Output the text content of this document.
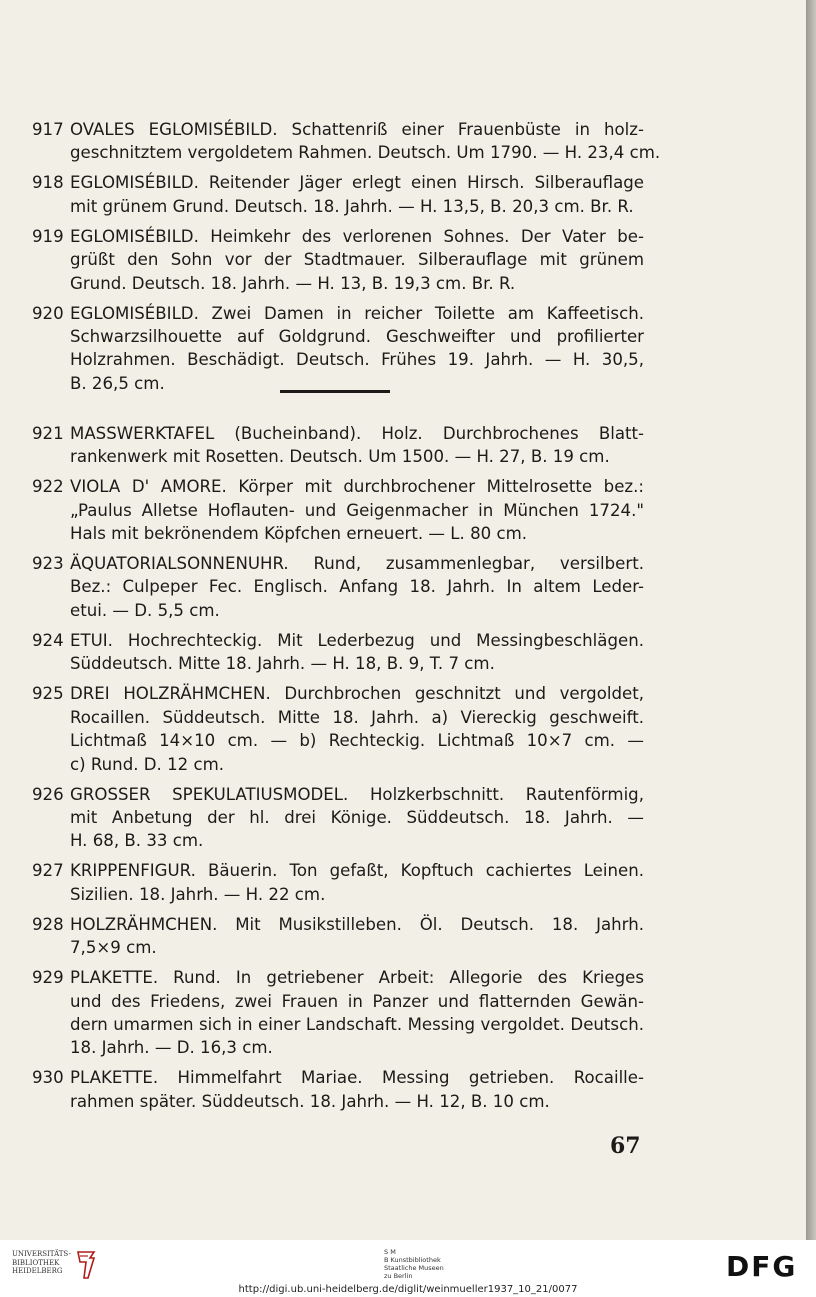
917 OVALES EGLOMISÉBILD. Schattenriß einer Frauenbüste in holz-
geschnitztem vergoldetem Rahmen. Deutsch. Um 1790. — H. 23,4 cm.
918 EGLOMISÉBILD. Reitender Jäger erlegt einen Hirsch. Silberauflage
mit grünem Grund. Deutsch. 18. Jahrh. — H. 13,5, B. 20,3 cm. Br. R.
919 EGLOMISÉBILD. Heimkehr des verlorenen Sohnes. Der Vater be-
grüßt den Sohn vor der Stadtmauer. Silberauflage mit grünem
Grund. Deutsch. 18. Jahrh. — H. 13, B. 19,3 cm. Br. R.
920 EGLOMISÉBILD. Zwei Damen in reicher Toilette am Kaffeetisch.
Schwarzsilhouette auf Goldgrund. Geschweifter und profilierter
Holzrahmen. Beschädigt. Deutsch. Frühes 19. Jahrh. — H. 30,5,
B. 26,5 cm.
921 MASSWERKTAFEL (Bucheinband). Holz. Durchbrochenes Blatt-
rankenwerk mit Rosetten. Deutsch. Um 1500. — H. 27, B. 19 cm.
922 VIOLA D' AMORE. Körper mit durchbrochener Mittelrosette bez.:
„Paulus Alletse Hoflauten- und Geigenmacher in München 1724."
Hals mit bekrönendem Köpfchen erneuert. — L. 80 cm.
923 ÄQUATORIALSONNENUHR. Rund, zusammenlegbar, versilbert.
Bez.: Culpeper Fec. Englisch. Anfang 18. Jahrh. In altem Leder-
etui. — D. 5,5 cm.
924 ETUI. Hochrechteckig. Mit Lederbezug und Messingbeschlägen.
Süddeutsch. Mitte 18. Jahrh. — H. 18, B. 9, T. 7 cm.
925 DREI HOLZRÄHMCHEN. Durchbrochen geschnitzt und vergoldet,
Rocaillen. Süddeutsch. Mitte 18. Jahrh. a) Viereckig geschweift.
Lichtmaß 14×10 cm. — b) Rechteckig. Lichtmaß 10×7 cm. —
c) Rund. D. 12 cm.
926 GROSSER SPEKULATIUSMODEL. Holzkerbschnitt. Rautenförmig,
mit Anbetung der hl. drei Könige. Süddeutsch. 18. Jahrh. —
H. 68, B. 33 cm.
927 KRIPPENFIGUR. Bäuerin. Ton gefaßt, Kopftuch cachiertes Leinen.
Sizilien. 18. Jahrh. — H. 22 cm.
928 HOLZRÄHMCHEN. Mit Musikstilleben. Öl. Deutsch. 18. Jahrh.
7,5×9 cm.
929 PLAKETTE. Rund. In getriebener Arbeit: Allegorie des Krieges
und des Friedens, zwei Frauen in Panzer und flatternden Gewän-
dern umarmen sich in einer Landschaft. Messing vergoldet. Deutsch.
18. Jahrh. — D. 16,3 cm.
930 PLAKETTE. Himmelfahrt Mariae. Messing getrieben. Rocaille-
rahmen später. Süddeutsch. 18. Jahrh. — H. 12, B. 10 cm.
67
UNIVERSITÄTS-
BIBLIOTHEK
HEIDELBERG
S M
B Kunstbibliothek
Staatliche Museen
zu Berlin	DFG
http://digi.ub.uni-heidelberg.de/diglit/weinmueller1937_10_21/0077
